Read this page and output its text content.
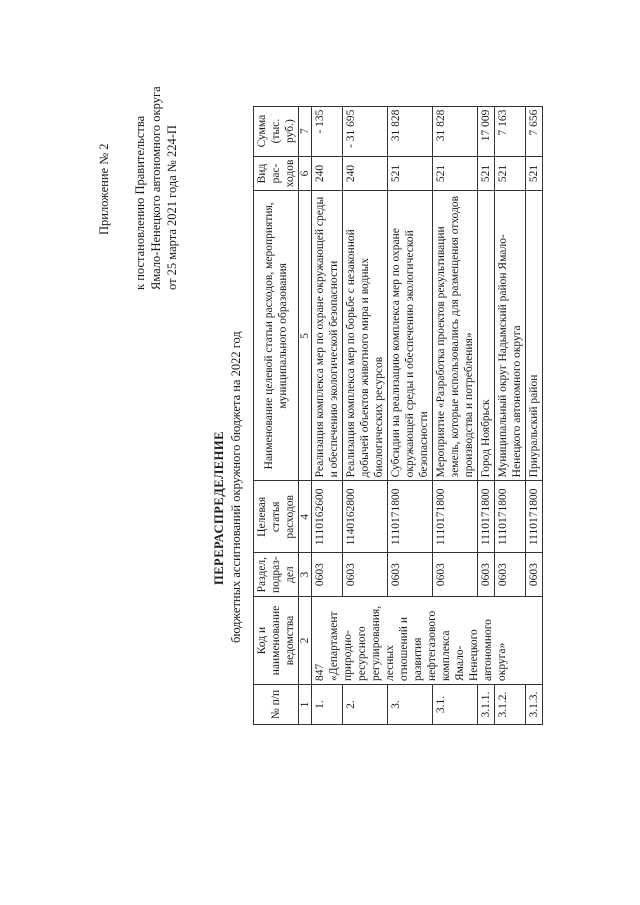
Приложение № 2 к постановлению Правительства Ямало-Ненецкого автономного округа от 25 марта 2021 года № 224-П
ПЕРЕРАСПРЕДЕЛЕНИЕ бюджетных ассигнований окружного бюджета на 2022 год
№ п/п	Код и наименование ведомства	Раздел, подраз-дел	Целевая статья расходов	Наименование целевой статьи расходов, мероприятия, муниципального образования	Вид рас-ходов	Сумма (тыс. руб.)
1	2	3	4	5	6	7
1.	847 «Департамент природно-ресурсного регулирования, лесных отношений и развития нефтегазового комплекса Ямало-Ненецкого автономного округа»	0603	1110162600	Реализация комплекса мер по охране окружающей среды и обеспечению экологической безопасности	240	- 135
2.		0603	1140162800	Реализация комплекса мер по борьбе с незаконной добычей объектов животного мира и водных биологических ресурсов	240	- 31 695
3.		0603	1110171800	Субсидии на реализацию комплекса мер по охране окружающей среды и обеспечению экологической безопасности	521	31 828
3.1.		0603	1110171800	Мероприятие «Разработка проектов рекультивации земель, которые использовались для размещения отходов производства и потребления»	521	31 828
3.1.1.		0603	1110171800	Город Ноябрьск	521	17 009
3.1.2.		0603	1110171800	Муниципальный округ Надымский район Ямало-Ненецкого автономного округа	521	7 163
3.1.3.		0603	1110171800	Приуральский район	521	7 656
